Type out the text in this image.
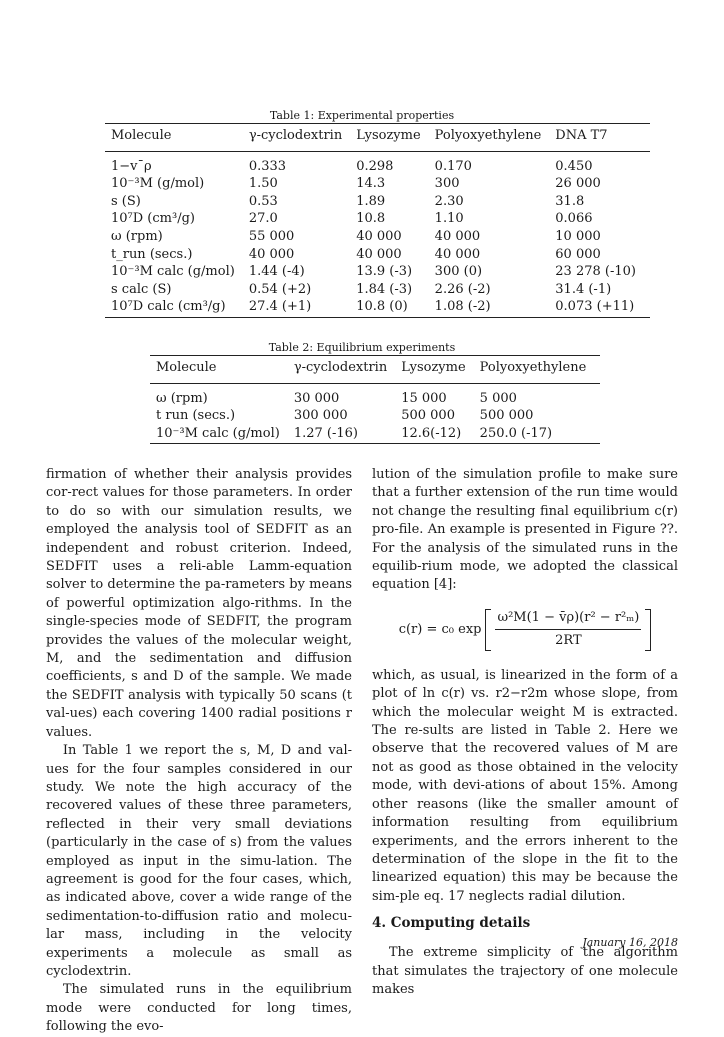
Table 1: Experimental properties
Molecule	γ-cyclodextrin	Lysozyme	Polyoxyethylene	DNA T7
1−v¯ρ	0.333	0.298	0.170	0.450
10⁻³M (g/mol)	1.50	14.3	300	26 000
s (S)	0.53	1.89	2.30	31.8
10⁷D (cm³/g)	27.0	10.8	1.10	0.066
ω (rpm)	55 000	40 000	40 000	10 000
t_run (secs.)	40 000	40 000	40 000	60 000
10⁻³M calc (g/mol)	1.44 (-4)	13.9 (-3)	300 (0)	23 278 (-10)
s calc (S)	0.54 (+2)	1.84 (-3)	2.26 (-2)	31.4 (-1)
10⁷D calc (cm³/g)	27.4 (+1)	10.8 (0)	1.08 (-2)	0.073 (+11)
Table 2: Equilibrium experiments
Molecule	γ-cyclodextrin	Lysozyme	Polyoxyethylene
ω (rpm)	30 000	15 000	5 000
t run (secs.)	300 000	500 000	500 000
10⁻³M calc (g/mol)	1.27 (-16)	12.6(-12)	250.0 (-17)

firmation of whether their analysis provides cor-rect values for those parameters. In order to do so with our simulation results, we employed the analysis tool of SEDFIT as an independent and robust criterion. Indeed, SEDFIT uses a reli-able Lamm-equation solver to determine the pa-rameters by means of powerful optimization algo-rithms. In the single-species mode of SEDFIT, the program provides the values of the molecular weight, M, and the sedimentation and diffusion coefficients, s and D of the sample. We made the SEDFIT analysis with typically 50 scans (t val-ues) each covering 1400 radial positions r values.

In Table 1 we report the s, M, D and val-ues for the four samples considered in our study. We note the high accuracy of the recovered values of these three parameters, reflected in their very small deviations (particularly in the case of s) from the values employed as input in the simu-lation. The agreement is good for the four cases, which, as indicated above, cover a wide range of the sedimentation-to-diffusion ratio and molecu-lar mass, including in the velocity experiments a molecule as small as cyclodextrin.

The simulated runs in the equilibrium mode were conducted for long times, following the evo-

lution of the simulation profile to make sure that a further extension of the run time would not change the resulting final equilibrium c(r) pro-file. An example is presented in Figure ??. For the analysis of the simulated runs in the equilib-rium mode, we adopted the classical equation [4]:

c(r) = c₀ $\exp \frac{\text{ω²M(1 − v̄ρ)(r² − r²ₘ)}}{2RT}$

which, as usual, is linearized in the form of a plot of ln c(r) vs. r2−r2m whose slope, from which the molecular weight M is extracted. The re-sults are listed in Table 2. Here we observe that the recovered values of M are not as good as those obtained in the velocity mode, with devi-ations of about 15%. Among other reasons (like the smaller amount of information resulting from equilibrium experiments, and the errors inherent to the determination of the slope in the fit to the linearized equation) this may be because the sim-ple eq. 17 neglects radial dilution.

4. Computing details

The extreme simplicity of the algorithm that simulates the trajectory of one molecule makes

January 16, 2018
